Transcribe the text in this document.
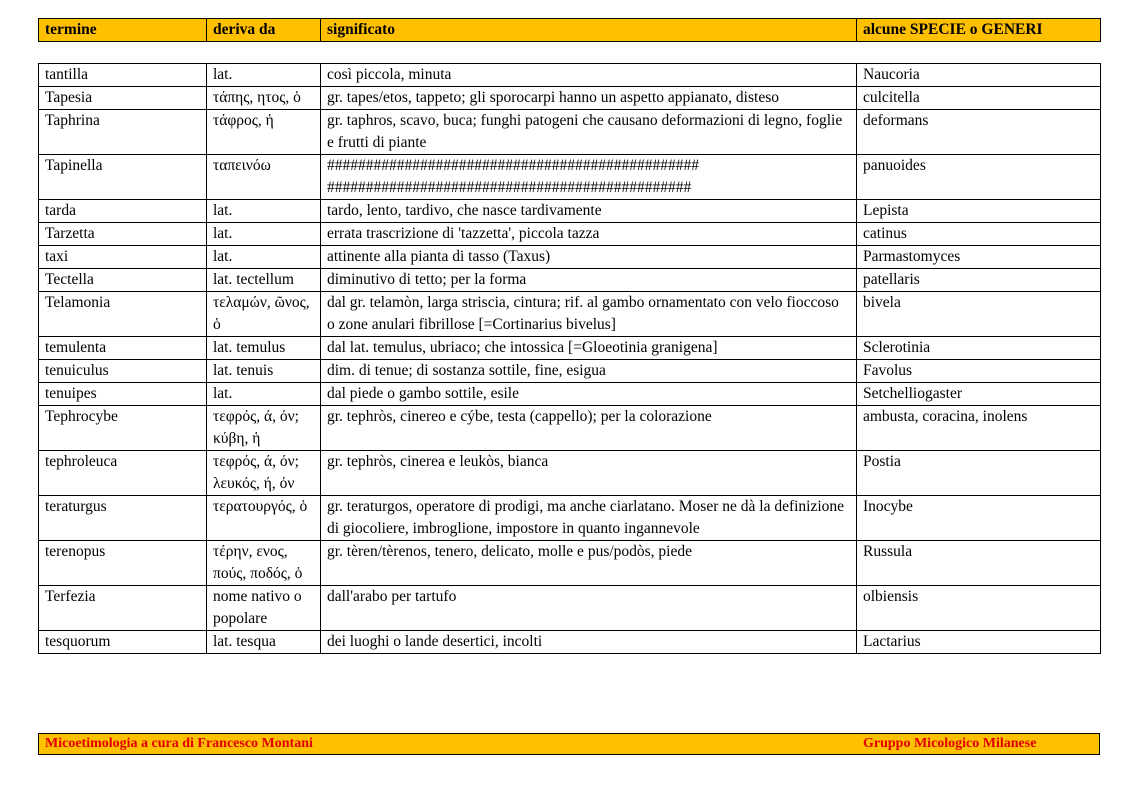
termine	deriva da	significato	alcune SPECIE o GENERI
tantilla	lat.	così piccola, minuta	Naucoria
Tapesia	τάπης, ητος, ὁ	gr. tapes/etos, tappeto; gli sporocarpi hanno un aspetto appianato, disteso	culcitella
Taphrina	τάφρος, ἡ	gr. taphros, scavo, buca; funghi patogeni che causano deformazioni di legno, foglie e frutti di piante	deformans
Tapinella	ταπεινόω	################################################ ###############################################	panuoides
tarda	lat.	tardo, lento, tardivo, che nasce tardivamente	Lepista
Tarzetta	lat.	errata trascrizione di 'tazzetta', piccola tazza	catinus
taxi	lat.	attinente alla pianta di tasso (Taxus)	Parmastomyces
Tectella	lat. tectellum	diminutivo di tetto; per la forma	patellaris
Telamonia	τελαμών, ῶνος, ὁ	dal gr. telamòn, larga striscia, cintura; rif. al gambo ornamentato con velo fioccoso o zone anulari fibrillose [=Cortinarius bivelus]	bivela
temulenta	lat. temulus	dal lat. temulus, ubriaco; che intossica [=Gloeotinia granigena]	Sclerotinia
tenuiculus	lat. tenuis	dim. di tenue; di sostanza sottile, fine, esigua	Favolus
tenuipes	lat.	dal piede o gambo sottile, esile	Setchelliogaster
Tephrocybe	τεφρός, ά, όν; κύβη, ἡ	gr. tephròs, cinereo e cýbe, testa (cappello); per la colorazione	ambusta, coracina, inolens
tephroleuca	τεφρός, ά, όν; λευκός, ή, όν	gr. tephròs, cinerea e leukòs, bianca	Postia
teraturgus	τερατουργός, ὁ	gr. teraturgos, operatore di prodigi, ma anche ciarlatano. Moser ne dà la definizione di giocoliere, imbroglione, impostore in quanto ingannevole	Inocybe
terenopus	τέρην, ενος, πούς, ποδός, ὁ	gr. tèren/tèrenos, tenero, delicato, molle e pus/podòs, piede	Russula
Terfezia	nome nativo o popolare	dall'arabo per tartufo	olbiensis
tesquorum	lat. tesqua	dei luoghi o lande desertici, incolti	Lactarius
Micoetimologia a cura di Francesco Montani	Gruppo Micologico Milanese
